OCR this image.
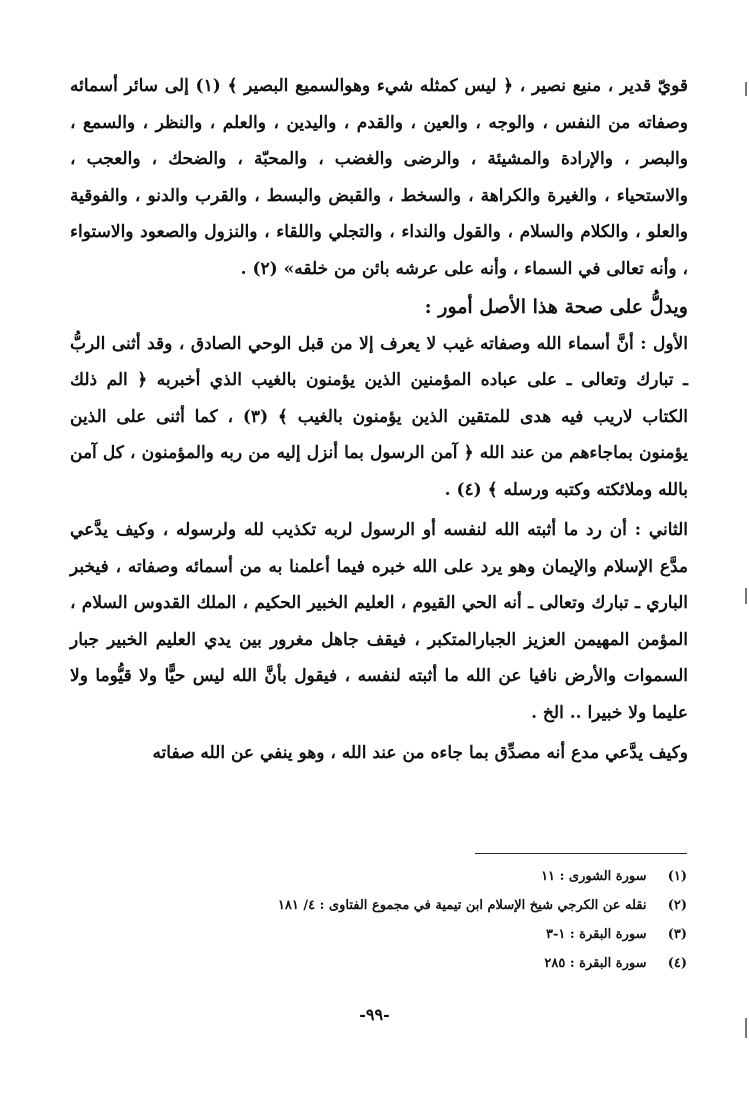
قويّ قدير ، منيع نصير ، ﴿ ليس كمثله شيء وهوالسميع البصير ﴾ (١) إلى سائر أسمائه وصفاته من النفس ، والوجه ، والعين ، والقدم ، واليدين ، والعلم ، والنظر ، والسمع ، والبصر ، والإرادة والمشيئة ، والرضى والغضب ، والمحبّة ، والضحك ، والعجب ، والاستحياء ، والغيرة والكراهة ، والسخط ، والقبض والبسط ، والقرب والدنو ، والفوقية والعلو ، والكلام والسلام ، والقول والنداء ، والتجلي واللقاء ، والنزول والصعود والاستواء ، وأنه تعالى في السماء ، وأنه على عرشه بائن من خلقه» (٢) .

ويدلُّ على صحة هذا الأصل أمور :

الأول : أنَّ أسماء الله وصفاته غيب لا يعرف إلا من قبل الوحي الصادق ، وقد أثنى الربُّ ـ تبارك وتعالى ـ على عباده المؤمنين الذين يؤمنون بالغيب الذي أخبربه ﴿ الم ذلك الكتاب لاريب فيه هدى للمتقين الذين يؤمنون بالغيب ﴾ (٣) ، كما أثنى على الذين يؤمنون بماجاءهم من عند الله ﴿ آمن الرسول بما أنزل إليه من ربه والمؤمنون ، كل آمن بالله وملائكته وكتبه ورسله ﴾ (٤) .

الثاني : أن رد ما أثبته الله لنفسه أو الرسول لربه تكذيب لله ولرسوله ، وكيف يدَّعي مدَّع الإسلام والإيمان وهو يرد على الله خبره فيما أعلمنا به من أسمائه وصفاته ، فيخبر الباري ـ تبارك وتعالى ـ أنه الحي القيوم ، العليم الخبير الحكيم ، الملك القدوس السلام ، المؤمن المهيمن العزيز الجبارالمتكبر ، فيقف جاهل مغرور بين يدي العليم الخبير جبار السموات والأرض نافيا عن الله ما أثبته لنفسه ، فيقول بأنَّ الله ليس حيًّا ولا قيُّوما ولا عليما ولا خبيرا .. الخ .

وكيف يدَّعي مدع أنه مصدِّق بما جاءه من عند الله ، وهو ينفي عن الله صفاته

(١) سورة الشورى : ١١
(٢) نقله عن الكرجي شيخ الإسلام ابن تيمية في مجموع الفتاوى : ٤/ ١٨١
(٣) سورة البقرة : ١-٣
(٤) سورة البقرة : ٢٨٥
-٩٩-
